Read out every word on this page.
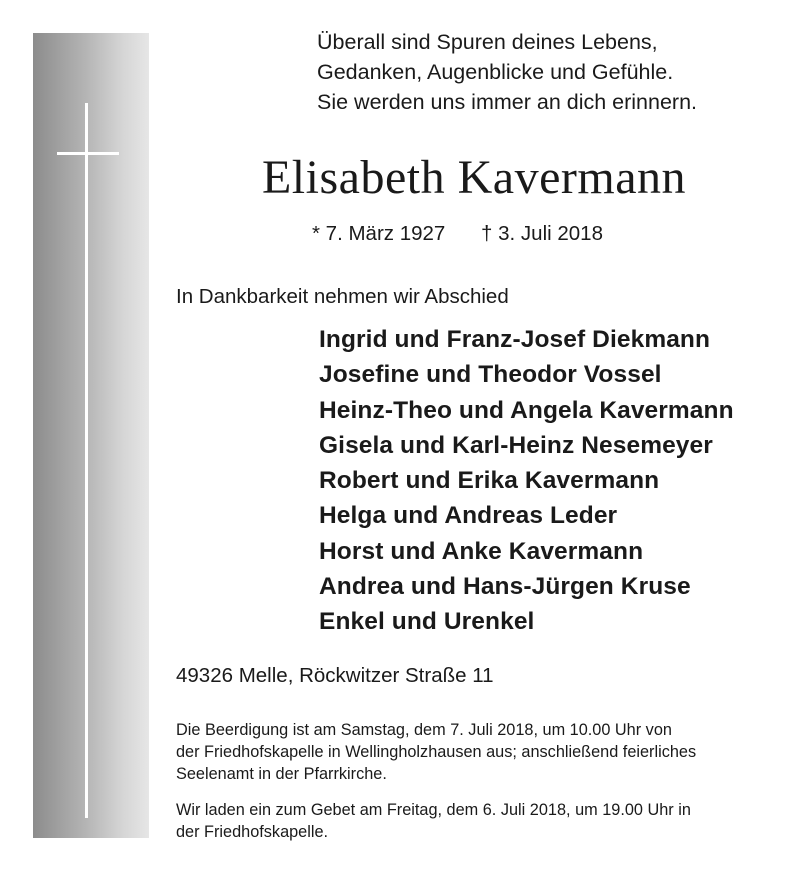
Überall sind Spuren deines Lebens,
Gedanken, Augenblicke und Gefühle.
Sie werden uns immer an dich erinnern.
Elisabeth Kavermann
* 7. März 1927 † 3. Juli 2018
In Dankbarkeit nehmen wir Abschied
Ingrid und Franz-Josef Diekmann
Josefine und Theodor Vossel
Heinz-Theo und Angela Kavermann
Gisela und Karl-Heinz Nesemeyer
Robert und Erika Kavermann
Helga und Andreas Leder
Horst und Anke Kavermann
Andrea und Hans-Jürgen Kruse
Enkel und Urenkel
49326 Melle, Röckwitzer Straße 11
Die Beerdigung ist am Samstag, dem 7. Juli 2018, um 10.00 Uhr von
der Friedhofskapelle in Wellingholzhausen aus; anschließend feierliches
Seelenamt in der Pfarrkirche.
Wir laden ein zum Gebet am Freitag, dem 6. Juli 2018, um 19.00 Uhr in
der Friedhofskapelle.
